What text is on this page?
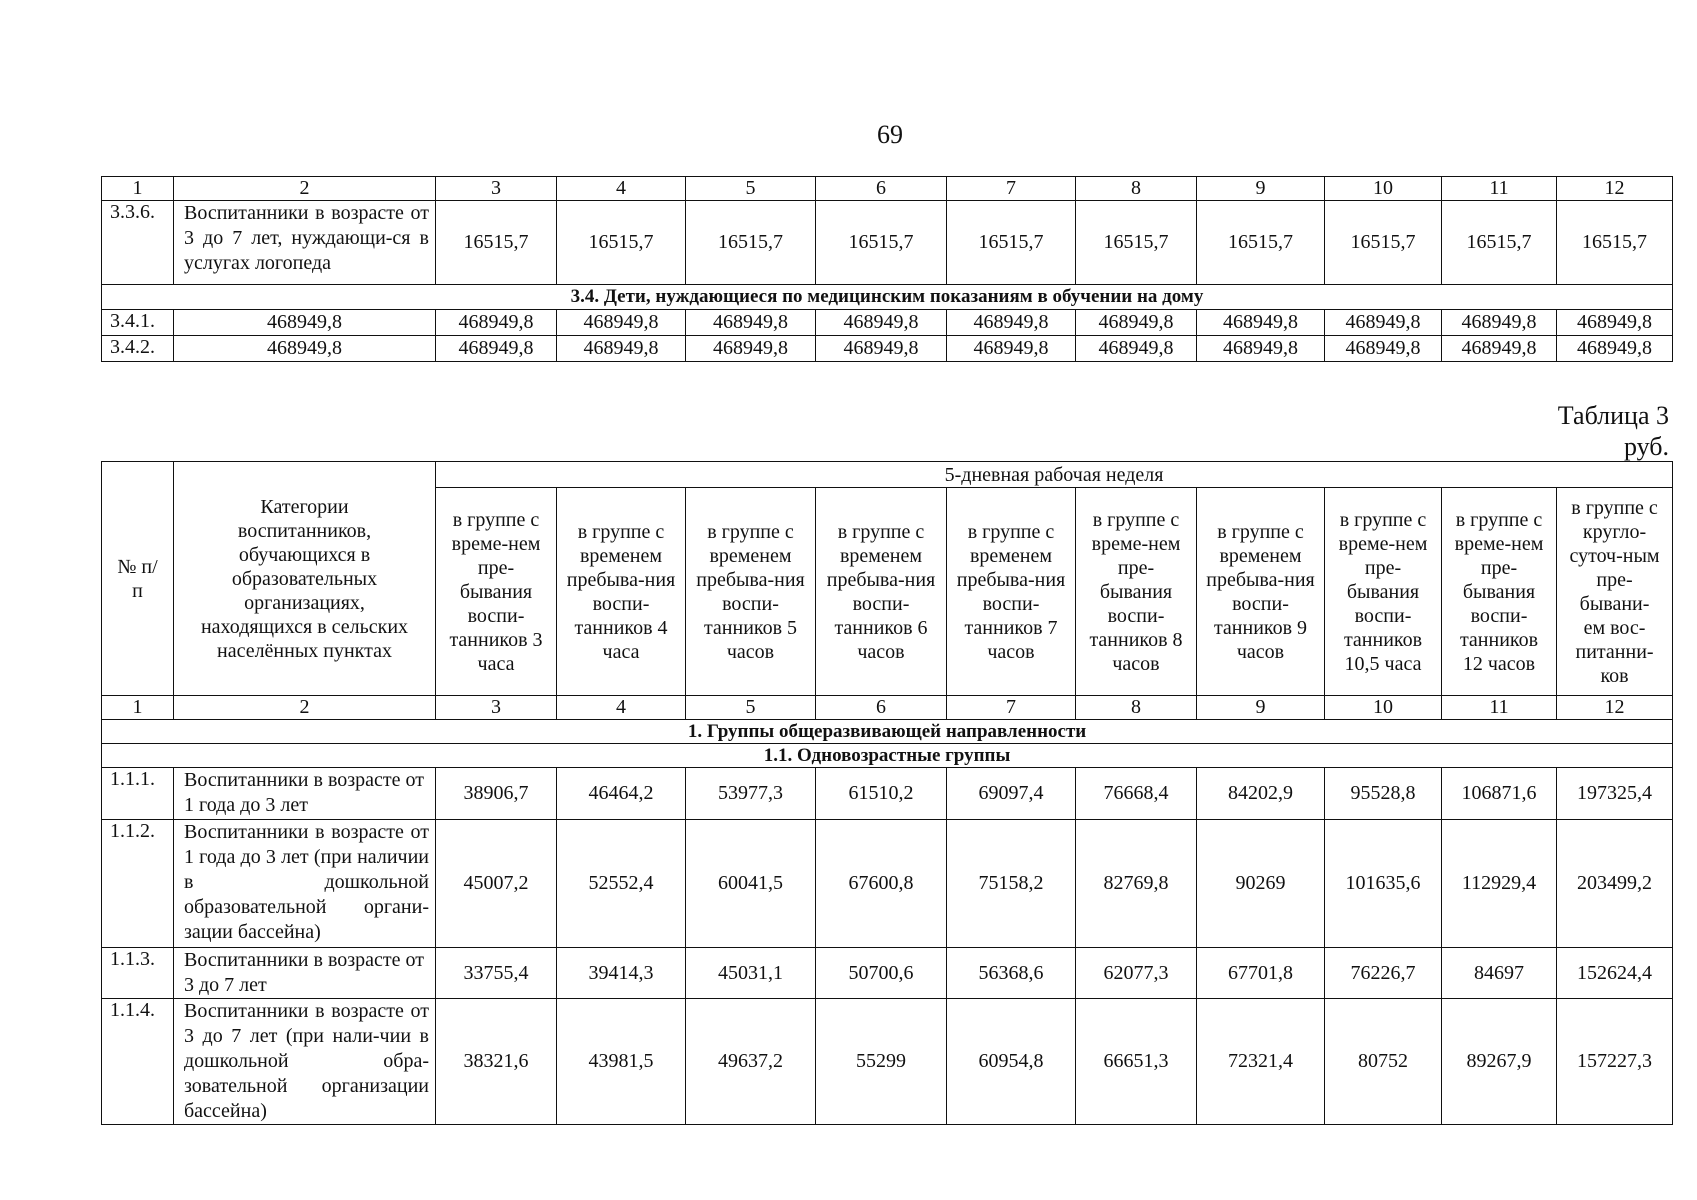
69
1	2	3	4	5	6	7	8	9	10	11	12
3.3.6.	Воспитанники в возрасте от 3 до 7 лет, нуждающи-ся в услугах логопеда	16515,7	16515,7	16515,7	16515,7	16515,7	16515,7	16515,7	16515,7	16515,7	16515,7
3.4. Дети, нуждающиеся по медицинским показаниям в обучении на дому											
3.4.1.	468949,8	468949,8	468949,8	468949,8	468949,8	468949,8	468949,8	468949,8	468949,8	468949,8	468949,8
3.4.2.	468949,8	468949,8	468949,8	468949,8	468949,8	468949,8	468949,8	468949,8	468949,8	468949,8	468949,8
Таблица 3
руб.
№ п/п	Категории воспитанников, обучающихся в образовательных организациях, находящихся в сельских населённых пунктах	5-дневная рабочая неделя									
		в группе с време-нем пре-бывания воспи-танников 3 часа	в группе с временем пребыва-ния воспи-танников 4 часа	в группе с временем пребыва-ния воспи-танников 5 часов	в группе с временем пребыва-ния воспи-танников 6 часов	в группе с временем пребыва-ния воспи-танников 7 часов	в группе с време-нем пре-бывания воспи-танников 8 часов	в группе с временем пребыва-ния воспи-танников 9 часов	в группе с време-нем пре-бывания воспи-танников 10,5 часа	в группе с време-нем пре-бывания воспи-танников 12 часов	в группе с кругло-суточ-ным пре-бывани-ем вос-питанни-ков
1	2	3	4	5	6	7	8	9	10	11	12
1. Группы общеразвивающей направленности											
1.1. Одновозрастные группы											
1.1.1.	Воспитанники в возрасте от 1 года до 3 лет	38906,7	46464,2	53977,3	61510,2	69097,4	76668,4	84202,9	95528,8	106871,6	197325,4
1.1.2.	Воспитанники в возрасте от 1 года до 3 лет (при наличии в дошкольной образовательной органи-зации бассейна)	45007,2	52552,4	60041,5	67600,8	75158,2	82769,8	90269	101635,6	112929,4	203499,2
1.1.3.	Воспитанники в возрасте от 3 до 7 лет	33755,4	39414,3	45031,1	50700,6	56368,6	62077,3	67701,8	76226,7	84697	152624,4
1.1.4.	Воспитанники в возрасте от 3 до 7 лет (при нали-чии в дошкольной обра-зовательной организации бассейна)	38321,6	43981,5	49637,2	55299	60954,8	66651,3	72321,4	80752	89267,9	157227,3
